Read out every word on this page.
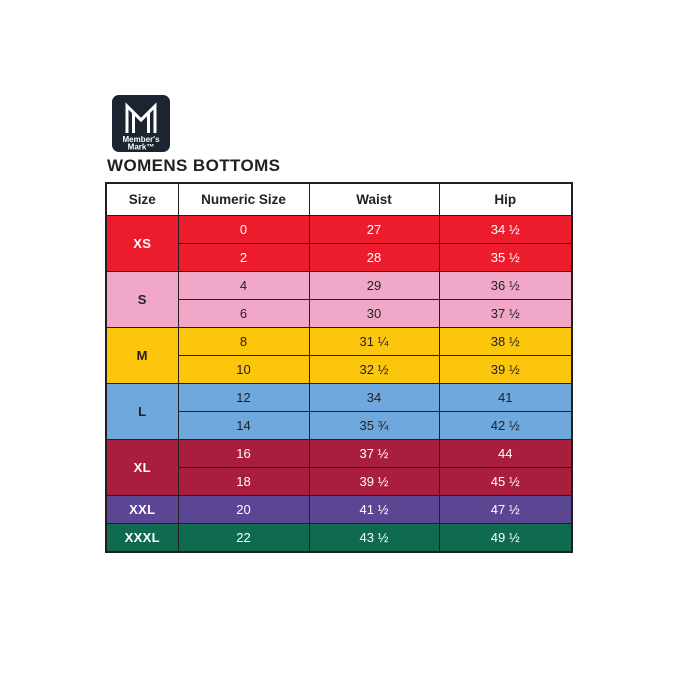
Member's
Mark™
WOMENS BOTTOMS
Size	Numeric Size	Waist	Hip
XS	0	27	34 ½
	2	28	35 ½
S	4	29	36 ½
	6	30	37 ½
M	8	31 ¼	38 ½
	10	32 ½	39 ½
L	12	34	41
	14	35 ¾	42 ½
XL	16	37 ½	44
	18	39 ½	45 ½
XXL	20	41 ½	47 ½
XXXL	22	43 ½	49 ½
